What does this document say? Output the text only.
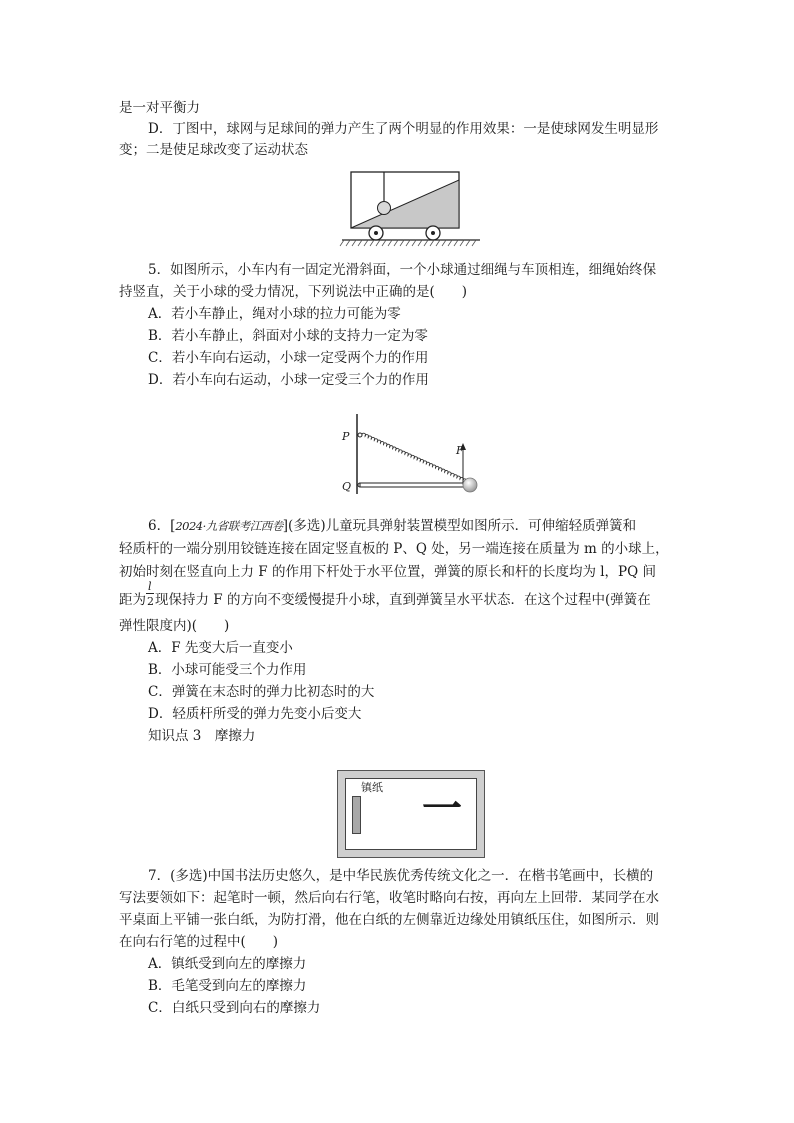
是一对平衡力
D．丁图中，球网与足球间的弹力产生了两个明显的作用效果：一是使球网发生明显形
变；二是使足球改变了运动状态
5．如图所示，小车内有一固定光滑斜面，一个小球通过细绳与车顶相连，细绳始终保
持竖直，关于小球的受力情况，下列说法中正确的是(　　)
A．若小车静止，绳对小球的拉力可能为零
B．若小车静止，斜面对小球的支持力一定为零
C．若小车向右运动，小球一定受两个力的作用
D．若小车向右运动，小球一定受三个力的作用
P
Q
F
6．[2024·九省联考江西卷](多选)儿童玩具弹射装置模型如图所示．可伸缩轻质弹簧和
轻质杆的一端分别用铰链连接在固定竖直板的 P、Q 处，另一端连接在质量为 m 的小球上，
初始时刻在竖直向上力 F 的作用下杆处于水平位置，弹簧的原长和杆的长度均为 l，PQ 间
距为 现保持力 F 的方向不变缓慢提升小球，直到弹簧呈水平状态．在这个过程中(弹簧在
l
2
弹性限度内)(　　)
A．F 先变大后一直变小
B．小球可能受三个力作用
C．弹簧在末态时的弹力比初态时的大
D．轻质杆所受的弹力先变小后变大
知识点 3　摩擦力
镇纸 一
7．(多选)中国书法历史悠久，是中华民族优秀传统文化之一．在楷书笔画中，长横的
写法要领如下：起笔时一顿，然后向右行笔，收笔时略向右按，再向左上回带．某同学在水
平桌面上平铺一张白纸，为防打滑，他在白纸的左侧靠近边缘处用镇纸压住，如图所示．则
在向右行笔的过程中(　　)
A．镇纸受到向左的摩擦力
B．毛笔受到向左的摩擦力
C．白纸只受到向右的摩擦力
